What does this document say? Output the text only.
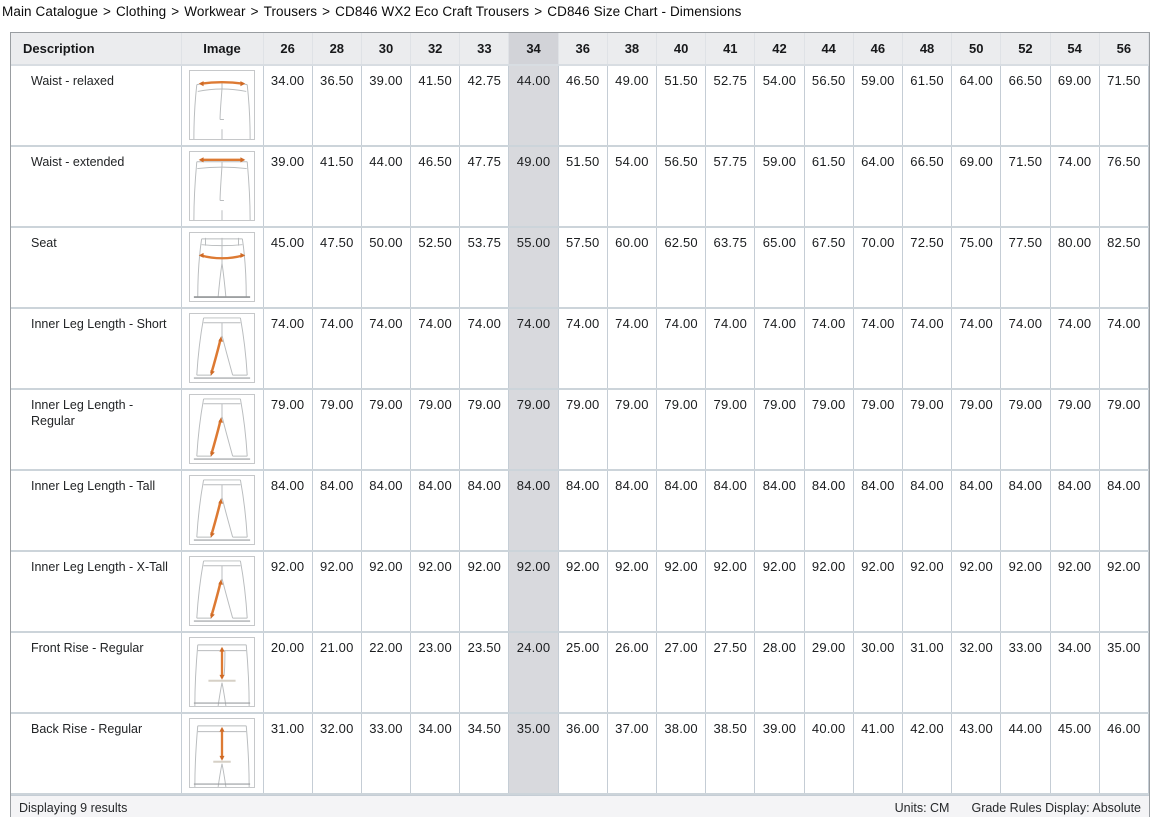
Main Catalogue > Clothing > Workwear > Trousers > CD846 WX2 Eco Craft Trousers > CD846 Size Chart - Dimensions
Description	Image	26	28	30	32	33	34	36	38	40	41	42	44	46	48	50	52	54	56
Waist - relaxed		34.00	36.50	39.00	41.50	42.75	44.00	46.50	49.00	51.50	52.75	54.00	56.50	59.00	61.50	64.00	66.50	69.00	71.50
Waist - extended		39.00	41.50	44.00	46.50	47.75	49.00	51.50	54.00	56.50	57.75	59.00	61.50	64.00	66.50	69.00	71.50	74.00	76.50
Seat		45.00	47.50	50.00	52.50	53.75	55.00	57.50	60.00	62.50	63.75	65.00	67.50	70.00	72.50	75.00	77.50	80.00	82.50
Inner Leg Length - Short		74.00	74.00	74.00	74.00	74.00	74.00	74.00	74.00	74.00	74.00	74.00	74.00	74.00	74.00	74.00	74.00	74.00	74.00
Inner Leg Length - Regular		79.00	79.00	79.00	79.00	79.00	79.00	79.00	79.00	79.00	79.00	79.00	79.00	79.00	79.00	79.00	79.00	79.00	79.00
Inner Leg Length - Tall		84.00	84.00	84.00	84.00	84.00	84.00	84.00	84.00	84.00	84.00	84.00	84.00	84.00	84.00	84.00	84.00	84.00	84.00
Inner Leg Length - X-Tall		92.00	92.00	92.00	92.00	92.00	92.00	92.00	92.00	92.00	92.00	92.00	92.00	92.00	92.00	92.00	92.00	92.00	92.00
Front Rise - Regular		20.00	21.00	22.00	23.00	23.50	24.00	25.00	26.00	27.00	27.50	28.00	29.00	30.00	31.00	32.00	33.00	34.00	35.00
Back Rise - Regular		31.00	32.00	33.00	34.00	34.50	35.00	36.00	37.00	38.00	38.50	39.00	40.00	41.00	42.00	43.00	44.00	45.00	46.00
Displaying 9 results	Units: CM Grade Rules Display: Absolute
